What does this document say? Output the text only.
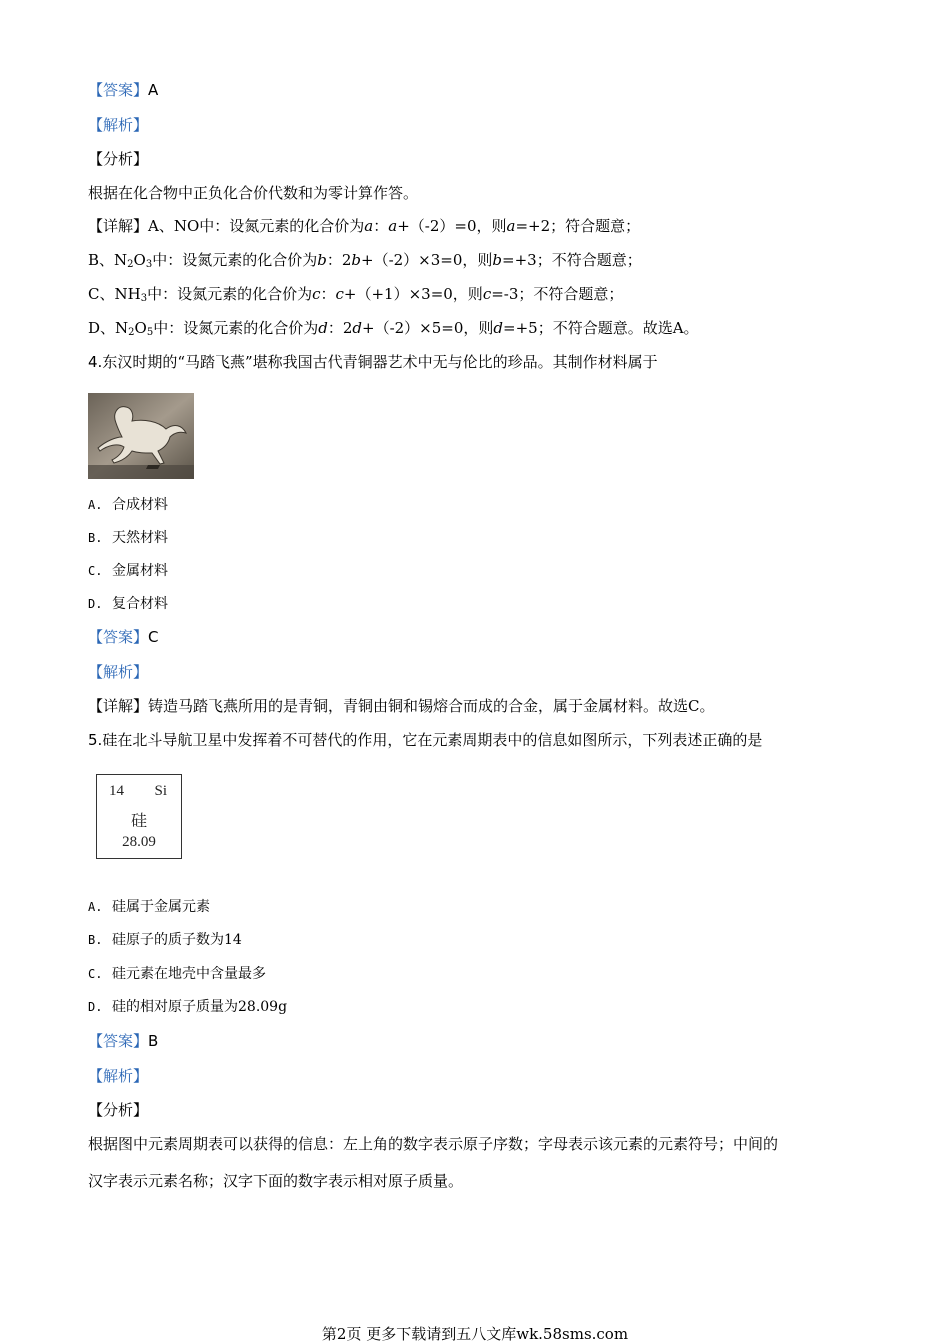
【答案】A
【解析】
【分析】
根据在化合物中正负化合价代数和为零计算作答。
【详解】A、NO中：设氮元素的化合价为a：a+（-2）=0，则a=+2；符合题意；
B、$N_2O_3$中：设氮元素的化合价为b：2b+（-2）×3=0，则b=+3；不符合题意；
C、$NH_3$中：设氮元素的化合价为c：c+（+1）×3=0，则c=-3；不符合题意；
D、$N_2O_5$中：设氮元素的化合价为d：2d+（-2）×5=0，则d=+5；不符合题意。故选A。
4.东汉时期的“马踏飞燕”堪称我国古代青铜器艺术中无与伦比的珍品。其制作材料属于
A. 合成材料
B. 天然材料
C. 金属材料
D. 复合材料
【答案】C
【解析】
【详解】铸造马踏飞燕所用的是青铜，青铜由铜和锡熔合而成的合金，属于金属材料。故选C。
5.硅在北斗导航卫星中发挥着不可替代的作用，它在元素周期表中的信息如图所示，下列表述正确的是
14 Si
硅
28.09
A. 硅属于金属元素
B. 硅原子的质子数为14
C. 硅元素在地壳中含量最多
D. 硅的相对原子质量为28.09g
【答案】B
【解析】
【分析】
根据图中元素周期表可以获得的信息：左上角的数字表示原子序数；字母表示该元素的元素符号；中间的
汉字表示元素名称；汉字下面的数字表示相对原子质量。
第2页 更多下载请到五八文库wk.58sms.com
